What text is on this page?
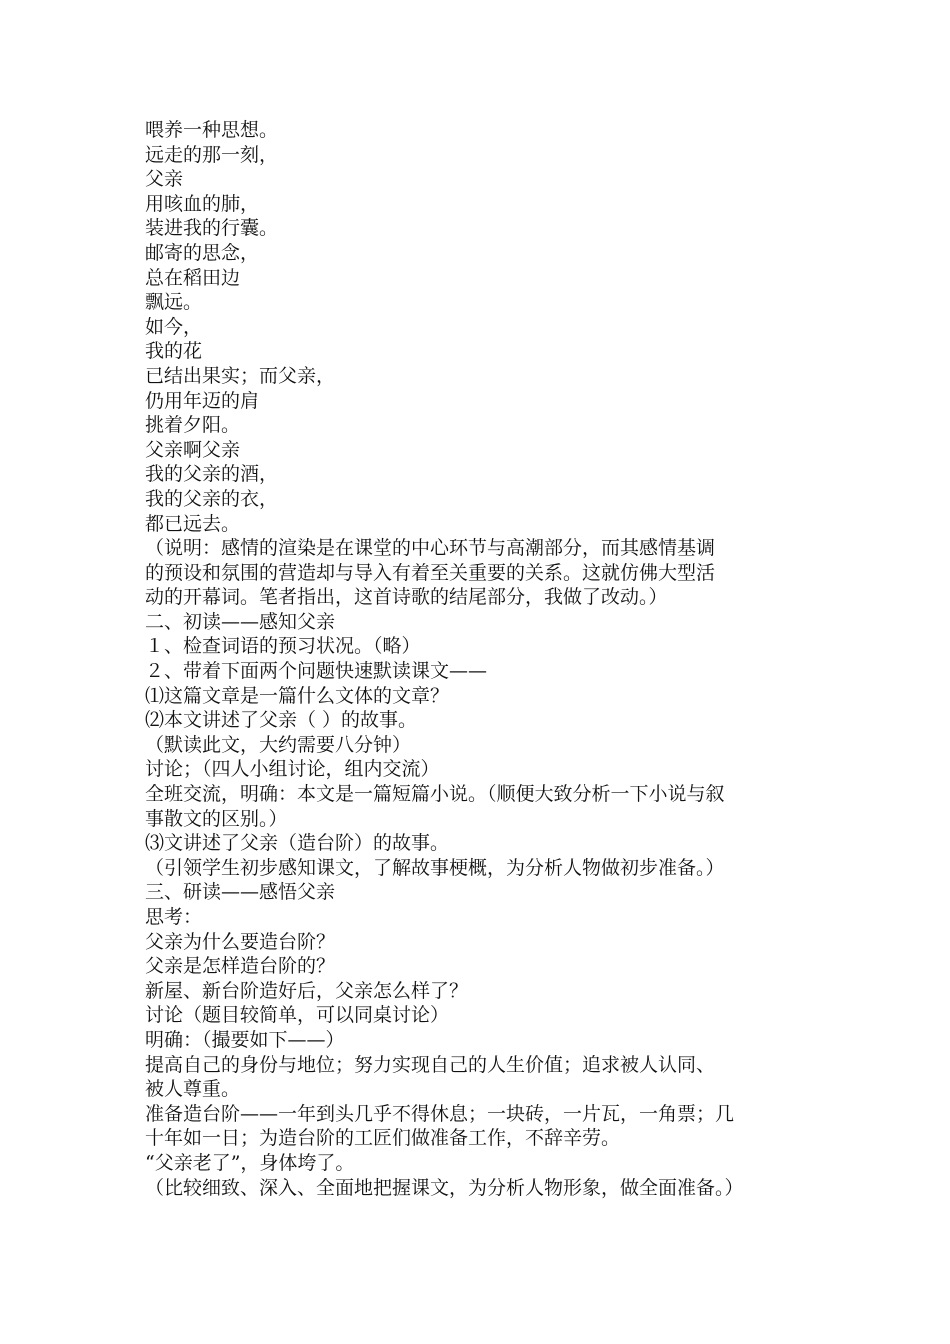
喂养一种思想。
远走的那一刻，
父亲
用咳血的肺，
装进我的行囊。
邮寄的思念，
总在稻田边
飘远。
如今，
我的花
已结出果实；而父亲，
仍用年迈的肩
挑着夕阳。
父亲啊父亲
我的父亲的酒，
我的父亲的衣，
都已远去。
（说明：感情的渲染是在课堂的中心环节与高潮部分，而其感情基调
的预设和氛围的营造却与导入有着至关重要的关系。这就仿佛大型活
动的开幕词。笔者指出，这首诗歌的结尾部分，我做了改动。）
二、初读——感知父亲
１、检查词语的预习状况。（略）
２、带着下面两个问题快速默读课文——
⑴这篇文章是一篇什么文体的文章？
⑵本文讲述了父亲（ ）的故事。
（默读此文，大约需要八分钟）
讨论；（四人小组讨论，组内交流）
全班交流，明确：本文是一篇短篇小说。（顺便大致分析一下小说与叙
事散文的区别。）
⑶文讲述了父亲（造台阶）的故事。
（引领学生初步感知课文，了解故事梗概，为分析人物做初步准备。）
三、研读——感悟父亲
思考：
父亲为什么要造台阶？
父亲是怎样造台阶的？
新屋、新台阶造好后，父亲怎么样了？
讨论（题目较简单，可以同桌讨论）
明确：（撮要如下——）
提高自己的身份与地位；努力实现自己的人生价值；追求被人认同、
被人尊重。
准备造台阶——一年到头几乎不得休息；一块砖，一片瓦，一角票；几
十年如一日；为造台阶的工匠们做准备工作，不辞辛劳。
“父亲老了”，身体垮了。
（比较细致、深入、全面地把握课文，为分析人物形象，做全面准备。）
